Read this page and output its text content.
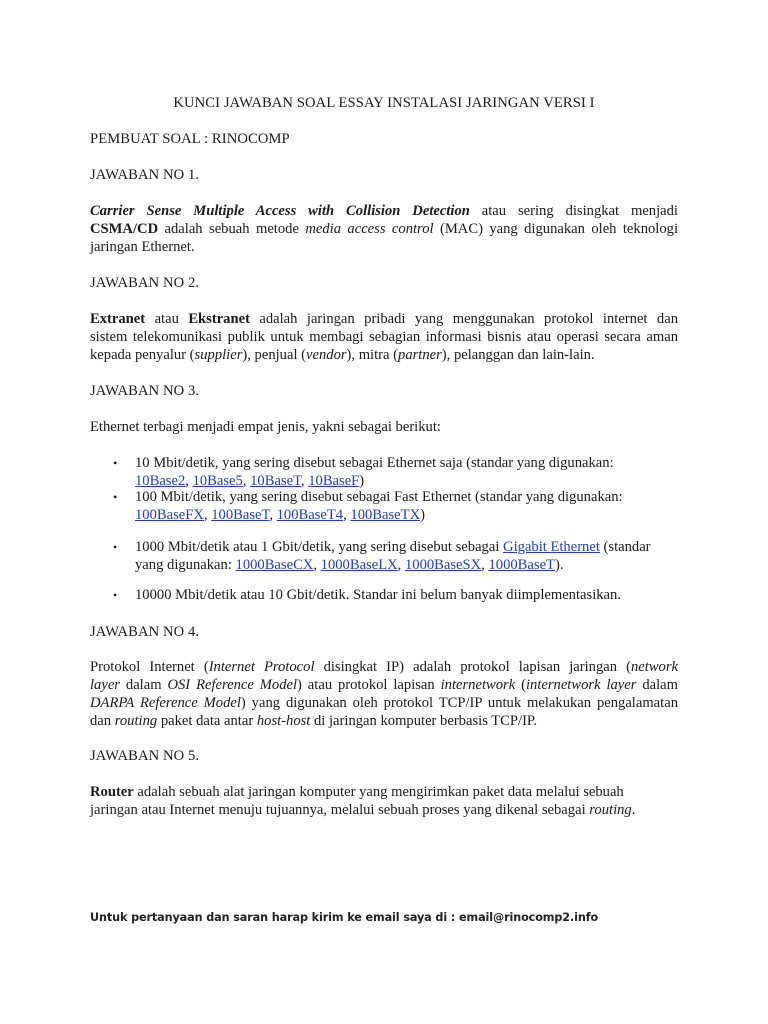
KUNCI JAWABAN SOAL ESSAY INSTALASI JARINGAN VERSI I
PEMBUAT SOAL : RINOCOMP
JAWABAN NO 1.
Carrier Sense Multiple Access with Collision Detection atau sering disingkat menjadi
CSMA/CD adalah sebuah metode media access control (MAC) yang digunakan oleh teknologi
jaringan Ethernet.
JAWABAN NO 2.
Extranet atau Ekstranet adalah jaringan pribadi yang menggunakan protokol internet dan
sistem telekomunikasi publik untuk membagi sebagian informasi bisnis atau operasi secara aman
kepada penyalur (supplier), penjual (vendor), mitra (partner), pelanggan dan lain-lain.
JAWABAN NO 3.
Ethernet terbagi menjadi empat jenis, yakni sebagai berikut:
• 10 Mbit/detik, yang sering disebut sebagai Ethernet saja (standar yang digunakan:
10Base2, 10Base5, 10BaseT, 10BaseF)
• 100 Mbit/detik, yang sering disebut sebagai Fast Ethernet (standar yang digunakan:
100BaseFX, 100BaseT, 100BaseT4, 100BaseTX)
• 1000 Mbit/detik atau 1 Gbit/detik, yang sering disebut sebagai Gigabit Ethernet (standar
yang digunakan: 1000BaseCX, 1000BaseLX, 1000BaseSX, 1000BaseT).
• 10000 Mbit/detik atau 10 Gbit/detik. Standar ini belum banyak diimplementasikan.
JAWABAN NO 4.
Protokol Internet (Internet Protocol disingkat IP) adalah protokol lapisan jaringan (network
layer dalam OSI Reference Model) atau protokol lapisan internetwork (internetwork layer dalam
DARPA Reference Model) yang digunakan oleh protokol TCP/IP untuk melakukan pengalamatan
dan routing paket data antar host-host di jaringan komputer berbasis TCP/IP.
JAWABAN NO 5.
Router adalah sebuah alat jaringan komputer yang mengirimkan paket data melalui sebuah
jaringan atau Internet menuju tujuannya, melalui sebuah proses yang dikenal sebagai routing.
Untuk pertanyaan dan saran harap kirim ke email saya di : email@rinocomp2.info
